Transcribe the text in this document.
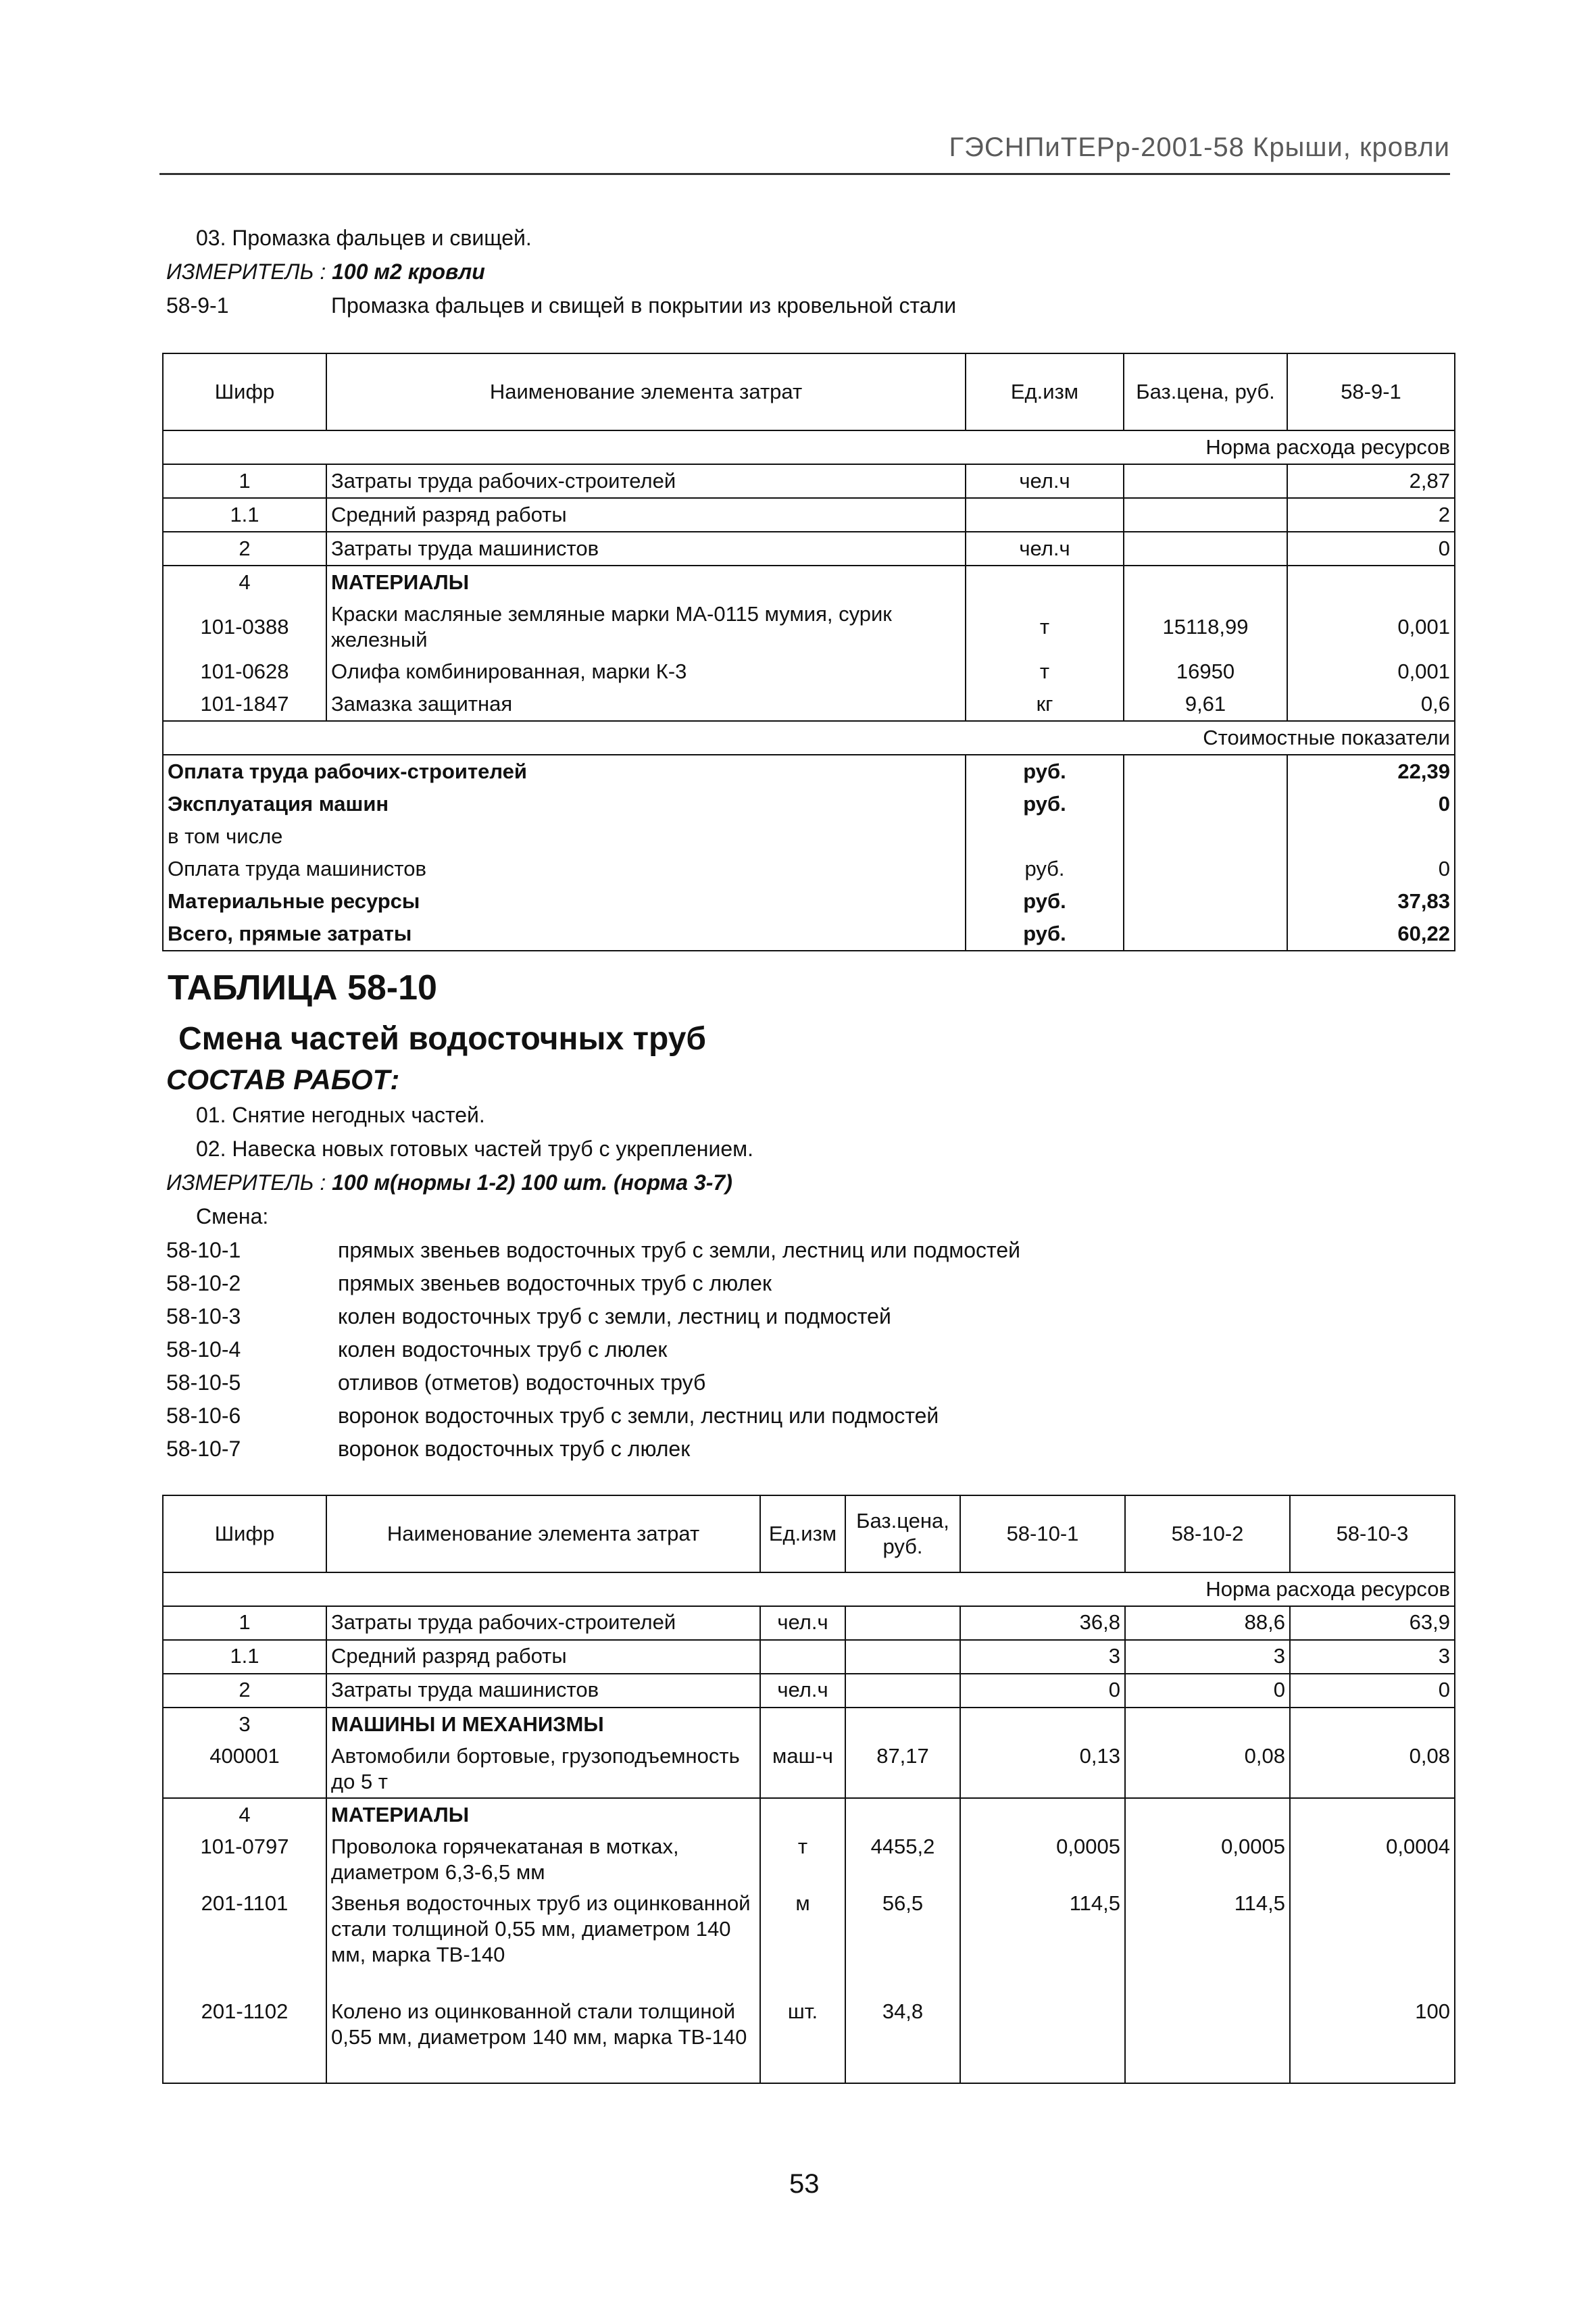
ГЭСНПиТЕРр-2001-58 Крыши, кровли
03. Промазка фальцев и свищей.
ИЗМЕРИТЕЛЬ : 100 м2 кровли
58-9-1	Промазка фальцев и свищей в покрытии из кровельной стали
Шифр	Наименование элемента затрат	Ед.изм	Баз.цена, руб.	58-9-1
Норма расхода ресурсов				
1	Затраты труда рабочих-строителей	чел.ч		2,87
1.1	Средний разряд работы			2
2	Затраты труда машинистов	чел.ч		0
4	МАТЕРИАЛЫ			
101-0388	Краски масляные земляные марки МА-0115 мумия, сурик железный	т	15118,99	0,001
101-0628	Олифа комбинированная, марки К-3	т	16950	0,001
101-1847	Замазка защитная	кг	9,61	0,6
Стоимостные показатели				
Оплата труда рабочих-строителей		руб.		22,39
Эксплуатация машин		руб.		0
в том числе				
Оплата труда машинистов		руб.		0
Материальные ресурсы		руб.		37,83
Всего, прямые затраты		руб.		60,22
ТАБЛИЦА 58-10
Смена частей водосточных труб
СОСТАВ РАБОТ:
01. Снятие негодных частей.
02. Навеска новых готовых частей труб с укреплением.
ИЗМЕРИТЕЛЬ : 100 м(нормы 1-2) 100 шт. (норма 3-7)
Смена:
58-10-1	прямых звеньев водосточных труб с земли, лестниц или подмостей
58-10-2	прямых звеньев водосточных труб с люлек
58-10-3	колен водосточных труб с земли, лестниц и подмостей
58-10-4	колен водосточных труб с люлек
58-10-5	отливов (отметов) водосточных труб
58-10-6	воронок водосточных труб с земли, лестниц или подмостей
58-10-7	воронок водосточных труб с люлек
Шифр	Наименование элемента затрат	Ед.изм	Баз.цена, руб.	58-10-1	58-10-2	58-10-3
Норма расхода ресурсов						
1	Затраты труда рабочих-строителей	чел.ч		36,8	88,6	63,9
1.1	Средний разряд работы			3	3	3
2	Затраты труда машинистов	чел.ч		0	0	0
3	МАШИНЫ И МЕХАНИЗМЫ					
400001	Автомобили бортовые, грузоподъемность до 5 т	маш-ч	87,17	0,13	0,08	0,08
4	МАТЕРИАЛЫ					
101-0797	Проволока горячекатаная в мотках, диаметром 6,3-6,5 мм	т	4455,2	0,0005	0,0005	0,0004
201-1101	Звенья водосточных труб из оцинкованной стали толщиной 0,55 мм, диаметром 140 мм, марка ТВ-140	м	56,5	114,5	114,5	
201-1102	Колено из оцинкованной стали толщиной 0,55 мм, диаметром 140 мм, марка ТВ-140	шт.	34,8			100
53
